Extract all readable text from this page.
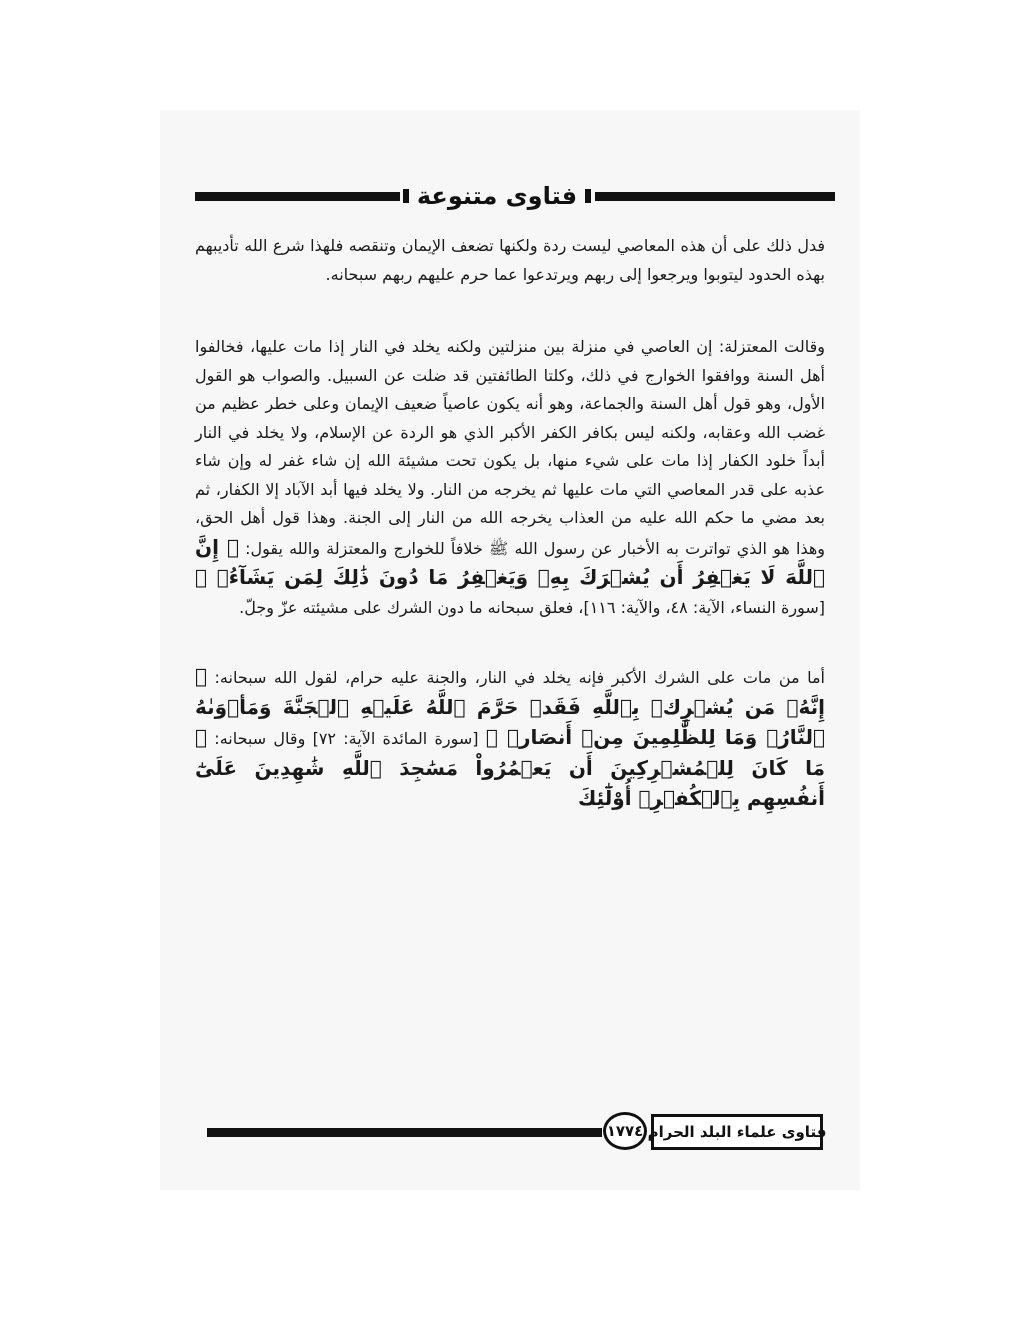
فتاوى متنوعة

فدل ذلك على أن هذه المعاصي ليست ردة ولكنها تضعف الإيمان وتنقصه فلهذا شرع الله تأديبهم بهذه الحدود ليتوبوا ويرجعوا إلى ربهم ويرتدعوا عما حرم عليهم ربهم سبحانه.

وقالت المعتزلة: إن العاصي في منزلة بين منزلتين ولكنه يخلد في النار إذا مات عليها، فخالفوا أهل السنة ووافقوا الخوارج في ذلك، وكلتا الطائفتين قد ضلت عن السبيل. والصواب هو القول الأول، وهو قول أهل السنة والجماعة، وهو أنه يكون عاصياً ضعيف الإيمان وعلى خطر عظيم من غضب الله وعقابه، ولكنه ليس بكافر الكفر الأكبر الذي هو الردة عن الإسلام، ولا يخلد في النار أبداً خلود الكفار إذا مات على شيء منها، بل يكون تحت مشيئة الله إن شاء غفر له وإن شاء عذبه على قدر المعاصي التي مات عليها ثم يخرجه من النار. ولا يخلد فيها أبد الآباد إلا الكفار، ثم بعد مضي ما حكم الله عليه من العذاب يخرجه الله من النار إلى الجنة. وهذا قول أهل الحق، وهذا هو الذي تواترت به الأخبار عن رسول الله ﷺ خلافاً للخوارج والمعتزلة والله يقول: ﴿ إِنَّ ٱللَّهَ لَا يَغۡفِرُ أَن يُشۡرَكَ بِهِۦ وَيَغۡفِرُ مَا دُونَ ذَٰلِكَ لِمَن يَشَآءُۚ ﴾ [سورة النساء، الآية: ٤٨، والآية: ١١٦]، فعلق سبحانه ما دون الشرك على مشيئته عزّ وجلّ.

أما من مات على الشرك الأكبر فإنه يخلد في النار، والجنة عليه حرام، لقول الله سبحانه: ﴿ إِنَّهُۥ مَن يُشۡرِكۡ بِٱللَّهِ فَقَدۡ حَرَّمَ ٱللَّهُ عَلَيۡهِ ٱلۡجَنَّةَ وَمَأۡوَىٰهُ ٱلنَّارُۖ وَمَا لِلظَّٰلِمِينَ مِنۡ أَنصَارٖ ﴾ [سورة المائدة الآية: ٧٢] وقال سبحانه: ﴿ مَا كَانَ لِلۡمُشۡرِكِينَ أَن يَعۡمُرُواْ مَسَٰجِدَ ٱللَّهِ شَٰهِدِينَ عَلَىٰٓ أَنفُسِهِم بِٱلۡكُفۡرِۚ أُوْلَٰٓئِكَ

١٧٧٤ فتاوى علماء البلد الحرام
